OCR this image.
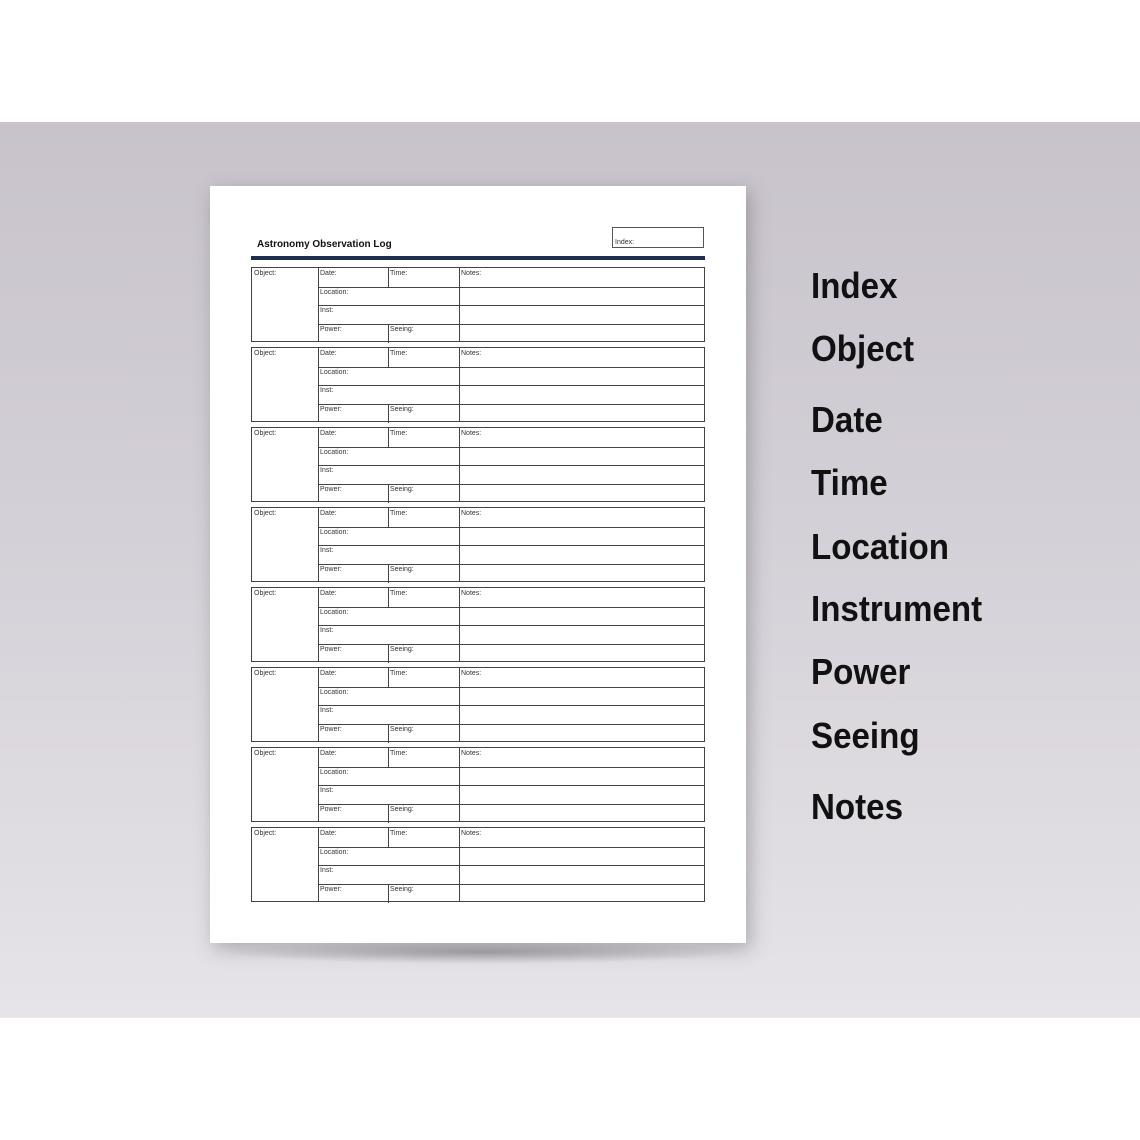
Astronomy Observation Log	Index:
Object:	Date:	Time:	Notes:
Location:
Inst:
Power:	Seeing:
Object:	Date:	Time:	Notes:
Location:
Inst:
Power:	Seeing:
Object:	Date:	Time:	Notes:
Location:
Inst:
Power:	Seeing:
Object:	Date:	Time:	Notes:
Location:
Inst:
Power:	Seeing:
Object:	Date:	Time:	Notes:
Location:
Inst:
Power:	Seeing:
Object:	Date:	Time:	Notes:
Location:
Inst:
Power:	Seeing:
Object:	Date:	Time:	Notes:
Location:
Inst:
Power:	Seeing:
Object:	Date:	Time:	Notes:
Location:
Inst:
Power:	Seeing:
Index
Object
Date
Time
Location
Instrument
Power
Seeing
Notes
